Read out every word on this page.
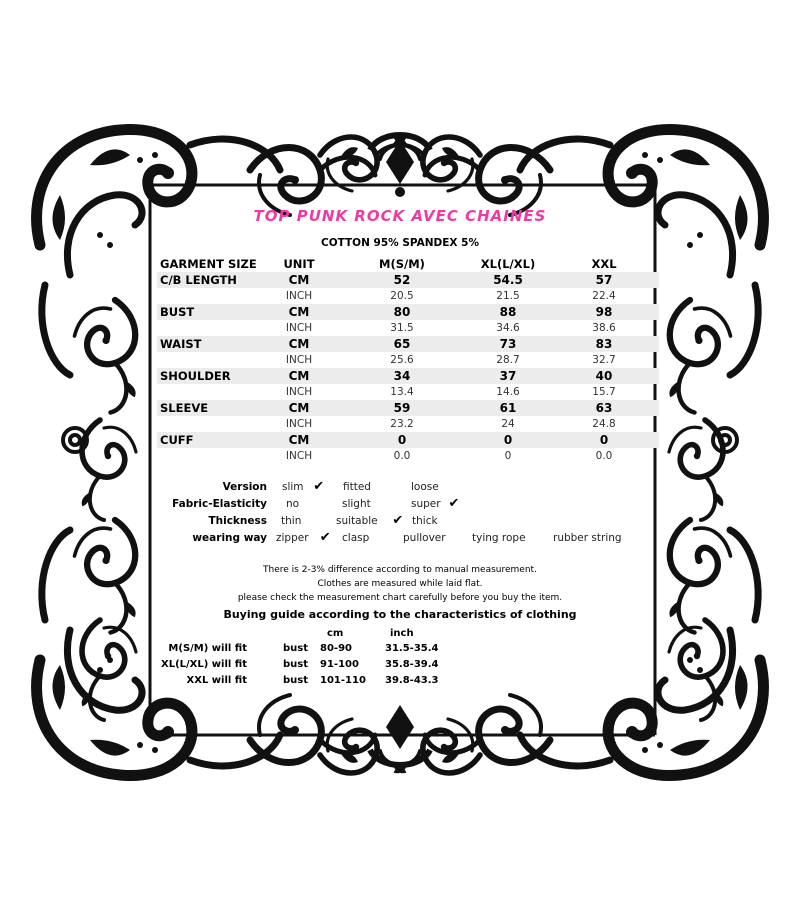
TOP PUNK ROCK AVEC CHAINES
COTTON 95% SPANDEX 5%
GARMENT SIZE	UNIT	M(S/M)	XL(L/XL)	XXL
C/B LENGTH	CM	52	54.5	57
INCH	20.5	21.5	22.4
BUST	CM	80	88	98
INCH	31.5	34.6	38.6
WAIST	CM	65	73	83
INCH	25.6	28.7	32.7
SHOULDER	CM	34	37	40
INCH	13.4	14.6	15.7
SLEEVE	CM	59	61	63
INCH	23.2	24	24.8
CUFF	CM	0	0	0
INCH	0.0	0	0.0
Version slim ✔ fitted	loose
Fabric-Elasticity no	slight	super ✔
Thickness thin	suitable ✔ thick
wearing way zipper ✔ clasp	pullover	tying rope	rubber string
There is 2-3% difference according to manual measurement.
Clothes are measured while laid flat.
please check the measurement chart carefully before you buy the item.
Buying guide according to the characteristics of clothing
cm	inch
M(S/M) will fit	bust 80-90	31.5-35.4
XL(L/XL) will fit	bust 91-100	35.8-39.4
XXL will fit	bust 101-110 39.8-43.3
